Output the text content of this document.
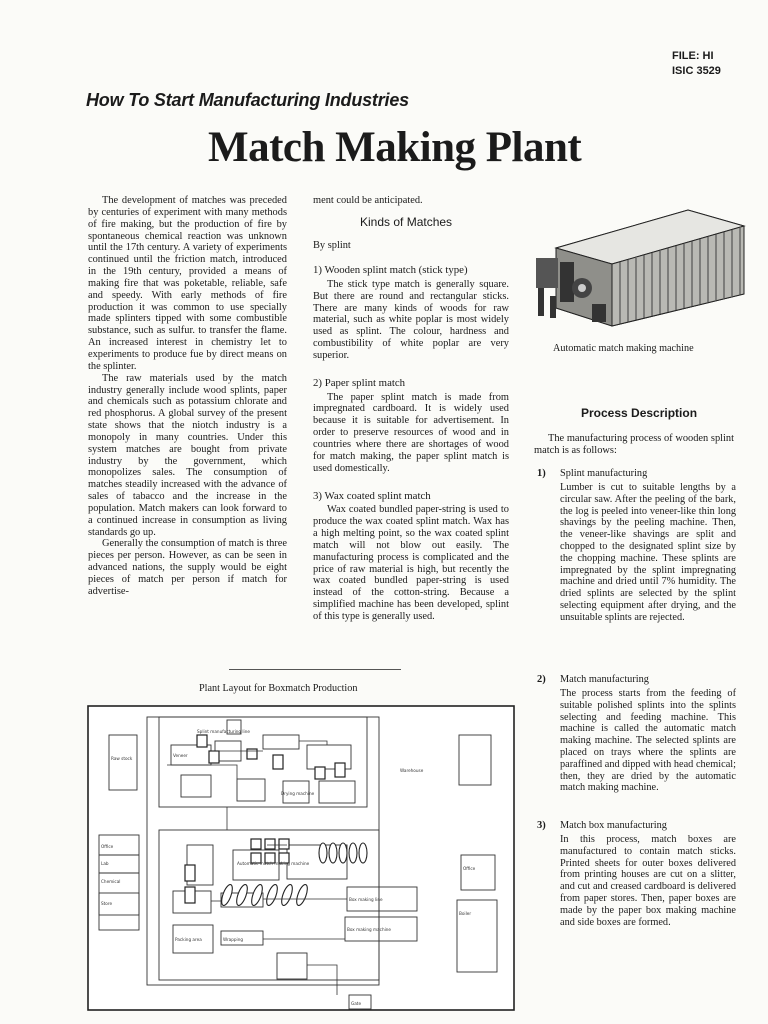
FILE: HI
ISIC 3529
How To Start Manufacturing Industries
Match Making Plant

The development of matches was preceded by centuries of experiment with many methods of fire making, but the production of fire by spontaneous chemical reaction was unknown until the 17th century. A variety of experiments continued until the friction match, introduced in the 19th century, provided a means of making fire that was poketable, reliable, safe and speedy. With early methods of fire production it was common to use specially made splinters tipped with some combustible substance, such as sulfur. to transfer the flame. An increased interest in chemistry let to experiments to produce fue by direct means on the splinter.

The raw materials used by the match industry generally include wood splints, paper and chemicals such as potassium chlorate and red phosphorus. A global survey of the present state shows that the niotch industry is a monopoly in many countries. Under this system matches are bought from private industry by the government, which monopolizes sales. The consumption of matches steadily increased with the advance of sales of tabacco and the increase in the population. Match makers can look forward to a continued increase in consumption as living standards go up.

Generally the consumption of match is three pieces per person. However, as can be seen in advanced nations, the supply would be eight pieces of match per person if match for advertise-

ment could be anticipated.

Kinds of Matches
By splint

1) Wooden splint match (stick type)

The stick type match is generally square. But there are round and rectangular sticks. There are many kinds of woods for raw material, such as white poplar is most widely used as splint. The colour, hardness and combustibility of white poplar are very superior.

2) Paper splint match

The paper splint match is made from impregnated cardboard. It is widely used because it is suitable for advertisement. In order to preserve resources of wood and in countries where there are shortages of wood for match making, the paper splint match is used domestically.

3) Wax coated splint match

Wax coated bundled paper-string is used to produce the wax coated splint match. Wax has a high melting point, so the wax coated splint match will not blow out easily. The manufacturing process is complicated and the price of raw material is high, but recently the wax coated bundled paper-string is used instead of the cotton-string. Because a simplified machine has been developed, splint of this type is generally used.

Automatic match making machine
Process Description

The manufacturing process of wooden splint match is as follows:

1) Splint manufacturing
Lumber is cut to suitable lengths by a circular saw. After the peeling of the bark, the log is peeled into veneer-like thin long shavings by the peeling machine. Then, the veneer-like shavings are split and chopped to the designated splint size by the chopping machine. These splints are impregnated by the splint impregnating machine and dried until 7% humidity. The dried splints are selected by the splint selecting equipment after drying, and the unsuitable splints are rejected.
2) Match manufacturing
The process starts from the feeding of suitable polished splints into the splints selecting and feeding machine. This machine is called the automatic match making machine. The selected splints are placed on trays where the splints are paraffined and dipped with head chemical; then, they are dried by the automatic match making machine.
3) Match box manufacturing
In this process, match boxes are manufactured to contain match sticks. Printed sheets for outer boxes delivered from printing houses are cut on a slitter, and cut and creased cardboard is delivered from paper stores. Then, paper boxes are made by the paper box making machine and side boxes are formed.
Plant Layout for Boxmatch Production
Raw stock
Warehouse
Office
Store
Lab
Chemical
Office
Boiler
Splint manufacturing line
Veneer
Drying machine
Automatic match making machine
Box making line
Box making machine
Packing area	Wrapping
Gate
